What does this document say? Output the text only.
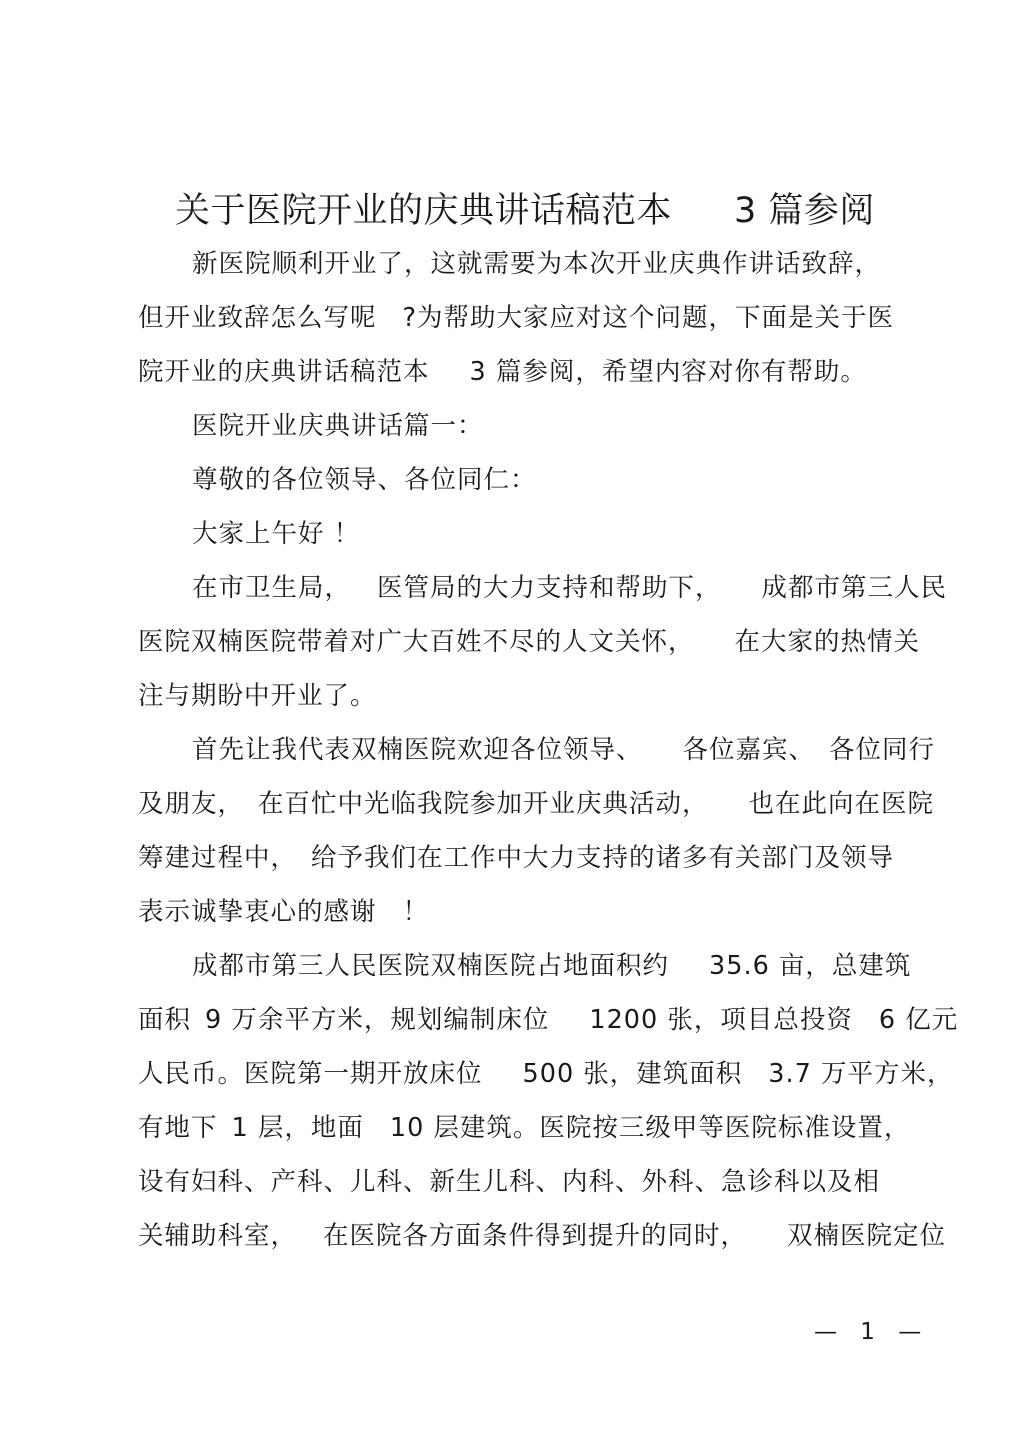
关于医院开业的庆典讲话稿范本 3 篇参阅
新医院顺利开业了，这就需要为本次开业庆典作讲话致辞，
但开业致辞怎么写呢 ?为帮助大家应对这个问题，下面是关于医
院开业的庆典讲话稿范本 3 篇参阅，希望内容对你有帮助。
医院开业庆典讲话篇一：
尊敬的各位领导、各位同仁：
大家上午好 ！
在市卫生局， 医管局的大力支持和帮助下， 成都市第三人民
医院双楠医院带着对广大百姓不尽的人文关怀， 在大家的热情关
注与期盼中开业了。
首先让我代表双楠医院欢迎各位领导、 各位嘉宾、 各位同行
及朋友， 在百忙中光临我院参加开业庆典活动， 也在此向在医院
筹建过程中， 给予我们在工作中大力支持的诸多有关部门及领导
表示诚挚衷心的感谢 ！
成都市第三人民医院双楠医院占地面积约 35.6 亩，总建筑
面积 9 万余平方米，规划编制床位 1200 张，项目总投资 6 亿元
人民币。医院第一期开放床位 500 张，建筑面积 3.7 万平方米，
有地下 1 层，地面 10 层建筑。医院按三级甲等医院标准设置，
设有妇科、产科、儿科、新生儿科、内科、外科、急诊科以及相
关辅助科室， 在医院各方面条件得到提升的同时， 双楠医院定位
— 1 —
